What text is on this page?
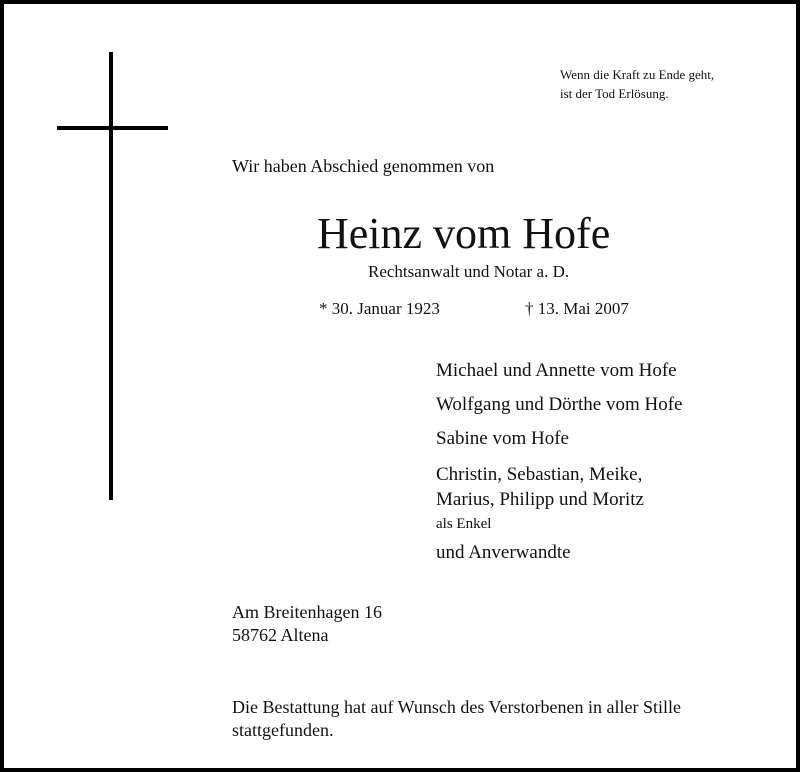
Wenn die Kraft zu Ende geht,
ist der Tod Erlösung.
Wir haben Abschied genommen von
Heinz vom Hofe
Rechtsanwalt und Notar a. D.
* 30. Januar 1923	† 13. Mai 2007
Michael und Annette vom Hofe
Wolfgang und Dörthe vom Hofe
Sabine vom Hofe
Christin, Sebastian, Meike,
Marius, Philipp und Moritz
als Enkel
und Anverwandte
Am Breitenhagen 16
58762 Altena
Die Bestattung hat auf Wunsch des Verstorbenen in aller Stille
stattgefunden.
